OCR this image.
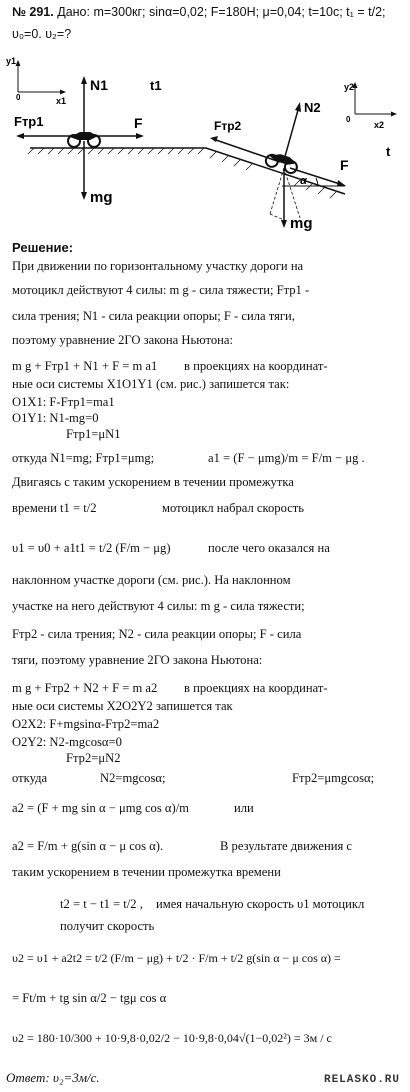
№ 291. Дано: m=300кг; sinα=0,02; F=180H; μ=0,04; t=10c; t₁ = t/2;
υ₀=0. υ₂=?
y1
x1
0
α
N1
mg
Fтр1	F
t1	y2
x2
0
t
N2
Fтр2
F
mg
Решение:
При движении по горизонтальному участку дороги на
мотоцикл действуют 4 силы: m g - сила тяжести; Fтр1 -
сила трения; N1 - сила реакции опоры; F - сила тяги,
поэтому уравнение 2ГО закона Ньютона:
m g + Fтр1 + N1 + F = m a1 в проекциях на координат-
ные оси системы X1O1Y1 (см. рис.) запишется так:
O1X1: F-Fтр1=ma1
O1Y1: N1-mg=0
Fтр1=μN1
откуда N1=mg; Fтр1=μmg;	a1 = (F − μmg)/m = F/m − μg .
Двигаясь с таким ускорением в течении промежутка
времени t1 = t/2	мотоцикл набрал скорость
υ1 = υ0 + a1t1 = t/2 (F/m − μg)	после чего оказался на
наклонном участке дороги (см. рис.). На наклонном
участке на него действуют 4 силы: m g - сила тяжести;
Fтр2 - сила трения; N2 - сила реакции опоры; F - сила
тяги, поэтому уравнение 2ГО закона Ньютона:
m g + Fтр2 + N2 + F = m a2 в проекциях на координат-
ные оси системы X2O2Y2 запишется так
O2X2: F+mgsinα-Fтр2=ma2
O2Y2: N2-mgcosα=0
Fтр2=μN2
откуда	N2=mgcosα;	Fтр2=μmgcosα;
a2 = (F + mg sin α − μmg cos α)/m	или
a2 = F/m + g(sin α − μ cos α).	В результате движения с
таким ускорением в течении промежутка времени
t2 = t − t1 = t/2 , имея начальную скорость υ1 мотоцикл
получит скорость
υ2 = υ1 + a2t2 = t/2 (F/m − μg) + t/2 · F/m + t/2 g(sin α − μ cos α) =
= Ft/m + tg sin α/2 − tgμ cos α
υ2 = 180·10/300 + 10·9,8·0,02/2 − 10·9,8·0,04√(1−0,02²) = 3м / с
Ответ: υ₂=3м/с.	RELASKO.RU
